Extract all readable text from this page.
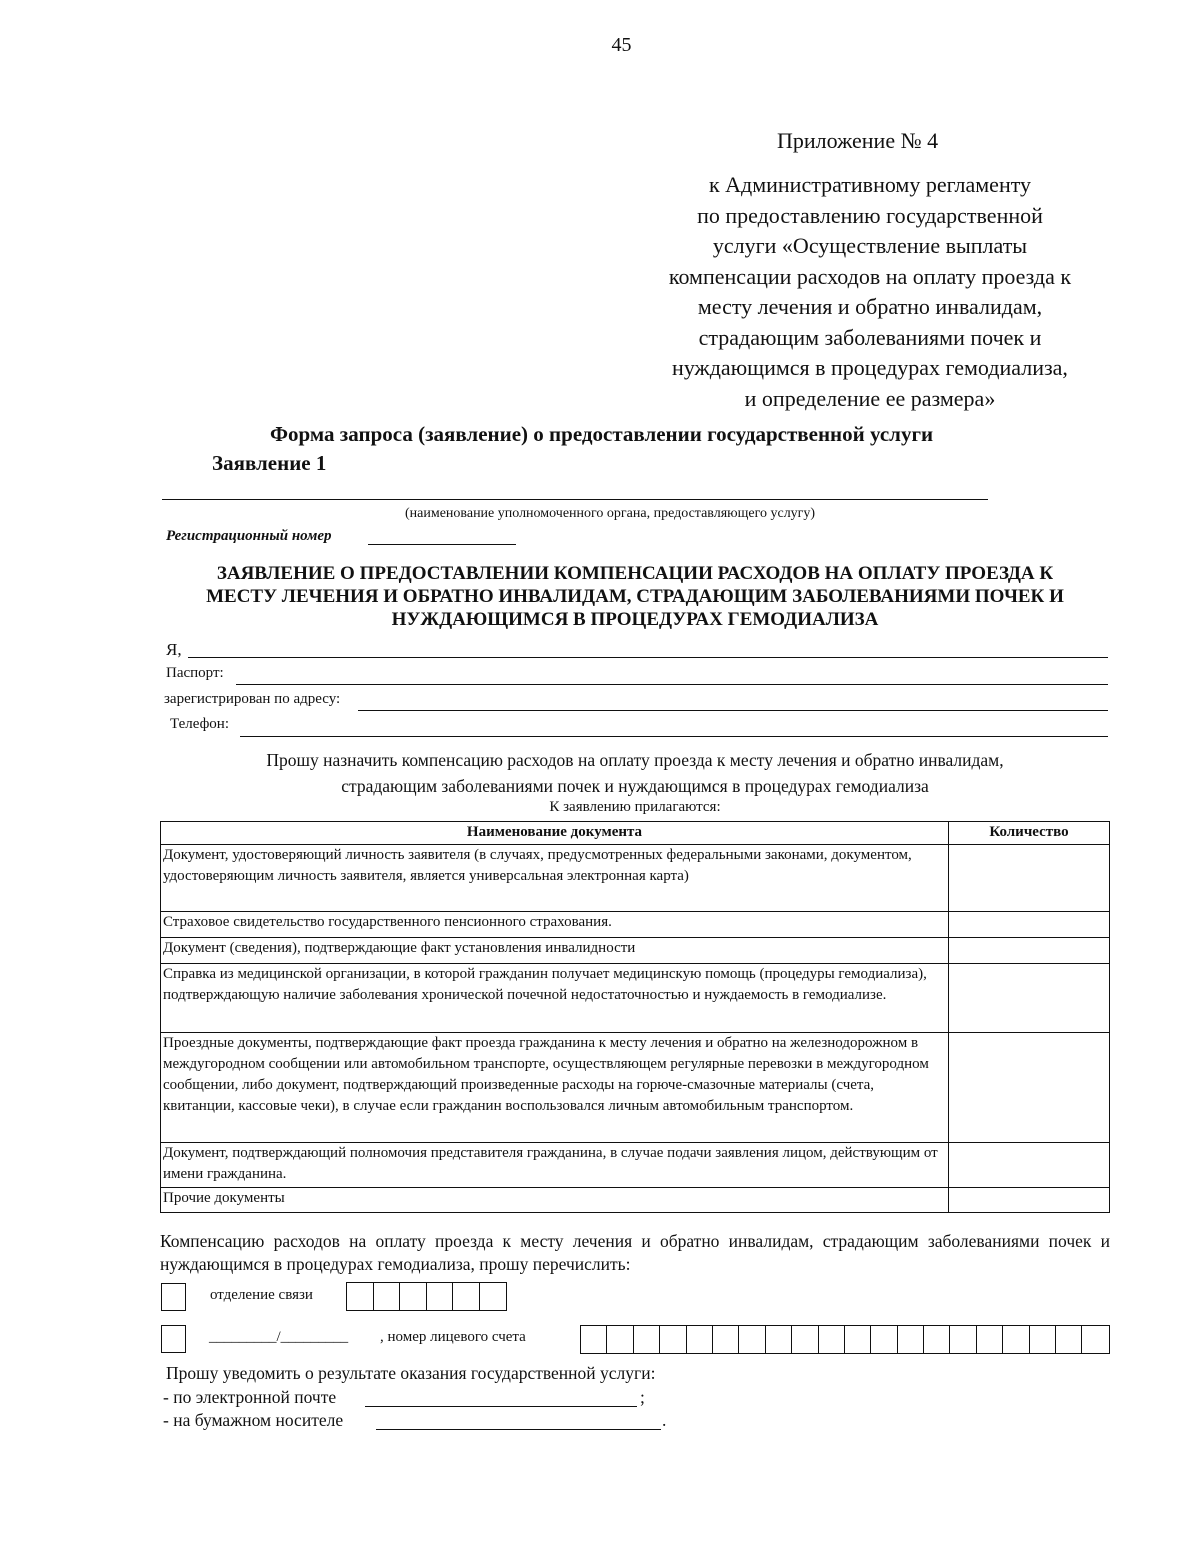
45
Приложение № 4
к Административному регламенту
по предоставлению государственной
услуги «Осуществление выплаты
компенсации расходов на оплату проезда к
месту лечения и обратно инвалидам,
страдающим заболеваниями почек и
нуждающимся в процедурах гемодиализа,
и определение ее размера»
Форма запроса (заявление) о предоставлении государственной услуги
Заявление 1
(наименование уполномоченного органа, предоставляющего услугу)
Регистрационный номер
ЗАЯВЛЕНИЕ О ПРЕДОСТАВЛЕНИИ КОМПЕНСАЦИИ РАСХОДОВ НА ОПЛАТУ ПРОЕЗДА К
МЕСТУ ЛЕЧЕНИЯ И ОБРАТНО ИНВАЛИДАМ, СТРАДАЮЩИМ ЗАБОЛЕВАНИЯМИ ПОЧЕК И
НУЖДАЮЩИМСЯ В ПРОЦЕДУРАХ ГЕМОДИАЛИЗА
Я,
Паспорт:
зарегистрирован по адресу:
Телефон:
Прошу назначить компенсацию расходов на оплату проезда к месту лечения и обратно инвалидам,
страдающим заболеваниями почек и нуждающимся в процедурах гемодиализа
К заявлению прилагаются:
Наименование документа	Количество
Документ, удостоверяющий личность заявителя (в случаях, предусмотренных федеральными законами, документом, удостоверяющим личность заявителя, является универсальная электронная карта)	
Страховое свидетельство государственного пенсионного страхования.	
Документ (сведения), подтверждающие факт установления инвалидности	
Справка из медицинской организации, в которой гражданин получает медицинскую помощь (процедуры гемодиализа), подтверждающую наличие заболевания хронической почечной недостаточностью и нуждаемость в гемодиализе.	
Проездные документы, подтверждающие факт проезда гражданина к месту лечения и обратно на железнодорожном в междугородном сообщении или автомобильном транспорте, осуществляющем регулярные перевозки в междугородном сообщении, либо документ, подтверждающий произведенные расходы на горюче-смазочные материалы (счета, квитанции, кассовые чеки), в случае если гражданин воспользовался личным автомобильным транспортом.	
Документ, подтверждающий полномочия представителя гражданина, в случае подачи заявления лицом, действующим от имени гражданина.	
Прочие документы	
Компенсацию расходов на оплату проезда к месту лечения и обратно инвалидам, страдающим заболеваниями почек и нуждающимся в процедурах гемодиализа, прошу перечислить:
отделение связи
_________/_________ , номер лицевого счета
Прошу уведомить о результате оказания государственной услуги:
- по электронной почте	;
- на бумажном носителе	.
